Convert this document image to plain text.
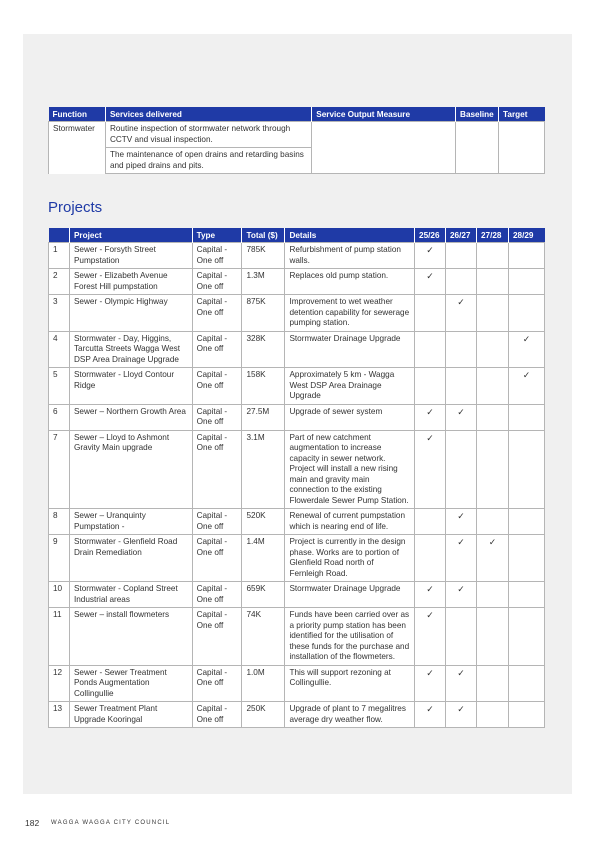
Function	Services delivered	Service Output Measure	Baseline	Target
Stormwater	Routine inspection of stormwater network through CCTV and visual inspection.			
	The maintenance of open drains and retarding basins and piped drains and pits.			
Projects
	Project	Type	Total ($)	Details	25/26	26/27	27/28	28/29
1	Sewer - Forsyth Street Pumpstation	Capital - One off	785K	Refurbishment of pump station walls.	✓			
2	Sewer - Elizabeth Avenue Forest Hill pumpstation	Capital - One off	1.3M	Replaces old pump station.	✓			
3	Sewer - Olympic Highway	Capital - One off	875K	Improvement to wet weather detention capability for sewerage pumping station.		✓		
4	Stormwater - Day, Higgins, Tarcutta Streets Wagga West DSP Area Drainage Upgrade	Capital - One off	328K	Stormwater Drainage Upgrade				✓
5	Stormwater - Lloyd Contour Ridge	Capital - One off	158K	Approximately 5 km - Wagga West DSP Area Drainage Upgrade				✓
6	Sewer – Northern Growth Area	Capital - One off	27.5M	Upgrade of sewer system	✓	✓		
7	Sewer – Lloyd to Ashmont Gravity Main upgrade	Capital - One off	3.1M	Part of new catchment augmentation to increase capacity in sewer network. Project will install a new rising main and gravity main connection to the existing Flowerdale Sewer Pump Station.	✓			
8	Sewer – Uranquinty Pumpstation -	Capital - One off	520K	Renewal of current pumpstation which is nearing end of life.		✓		
9	Stormwater - Glenfield Road Drain Remediation	Capital - One off	1.4M	Project is currently in the design phase. Works are to portion of Glenfield Road north of Fernleigh Road.		✓	✓	
10	Stormwater - Copland Street Industrial areas	Capital - One off	659K	Stormwater Drainage Upgrade	✓	✓		
11	Sewer – install flowmeters	Capital - One off	74K	Funds have been carried over as a priority pump station has been identified for the utilisation of these funds for the purchase and installation of the flowmeters.	✓			
12	Sewer - Sewer Treatment Ponds Augmentation Collingullie	Capital - One off	1.0M	This will support rezoning at Collingullie.	✓	✓		
13	Sewer Treatment Plant Upgrade Kooringal	Capital - One off	250K	Upgrade of plant to 7 megalitres average dry weather flow.	✓	✓		
182 WAGGA WAGGA CITY COUNCIL
